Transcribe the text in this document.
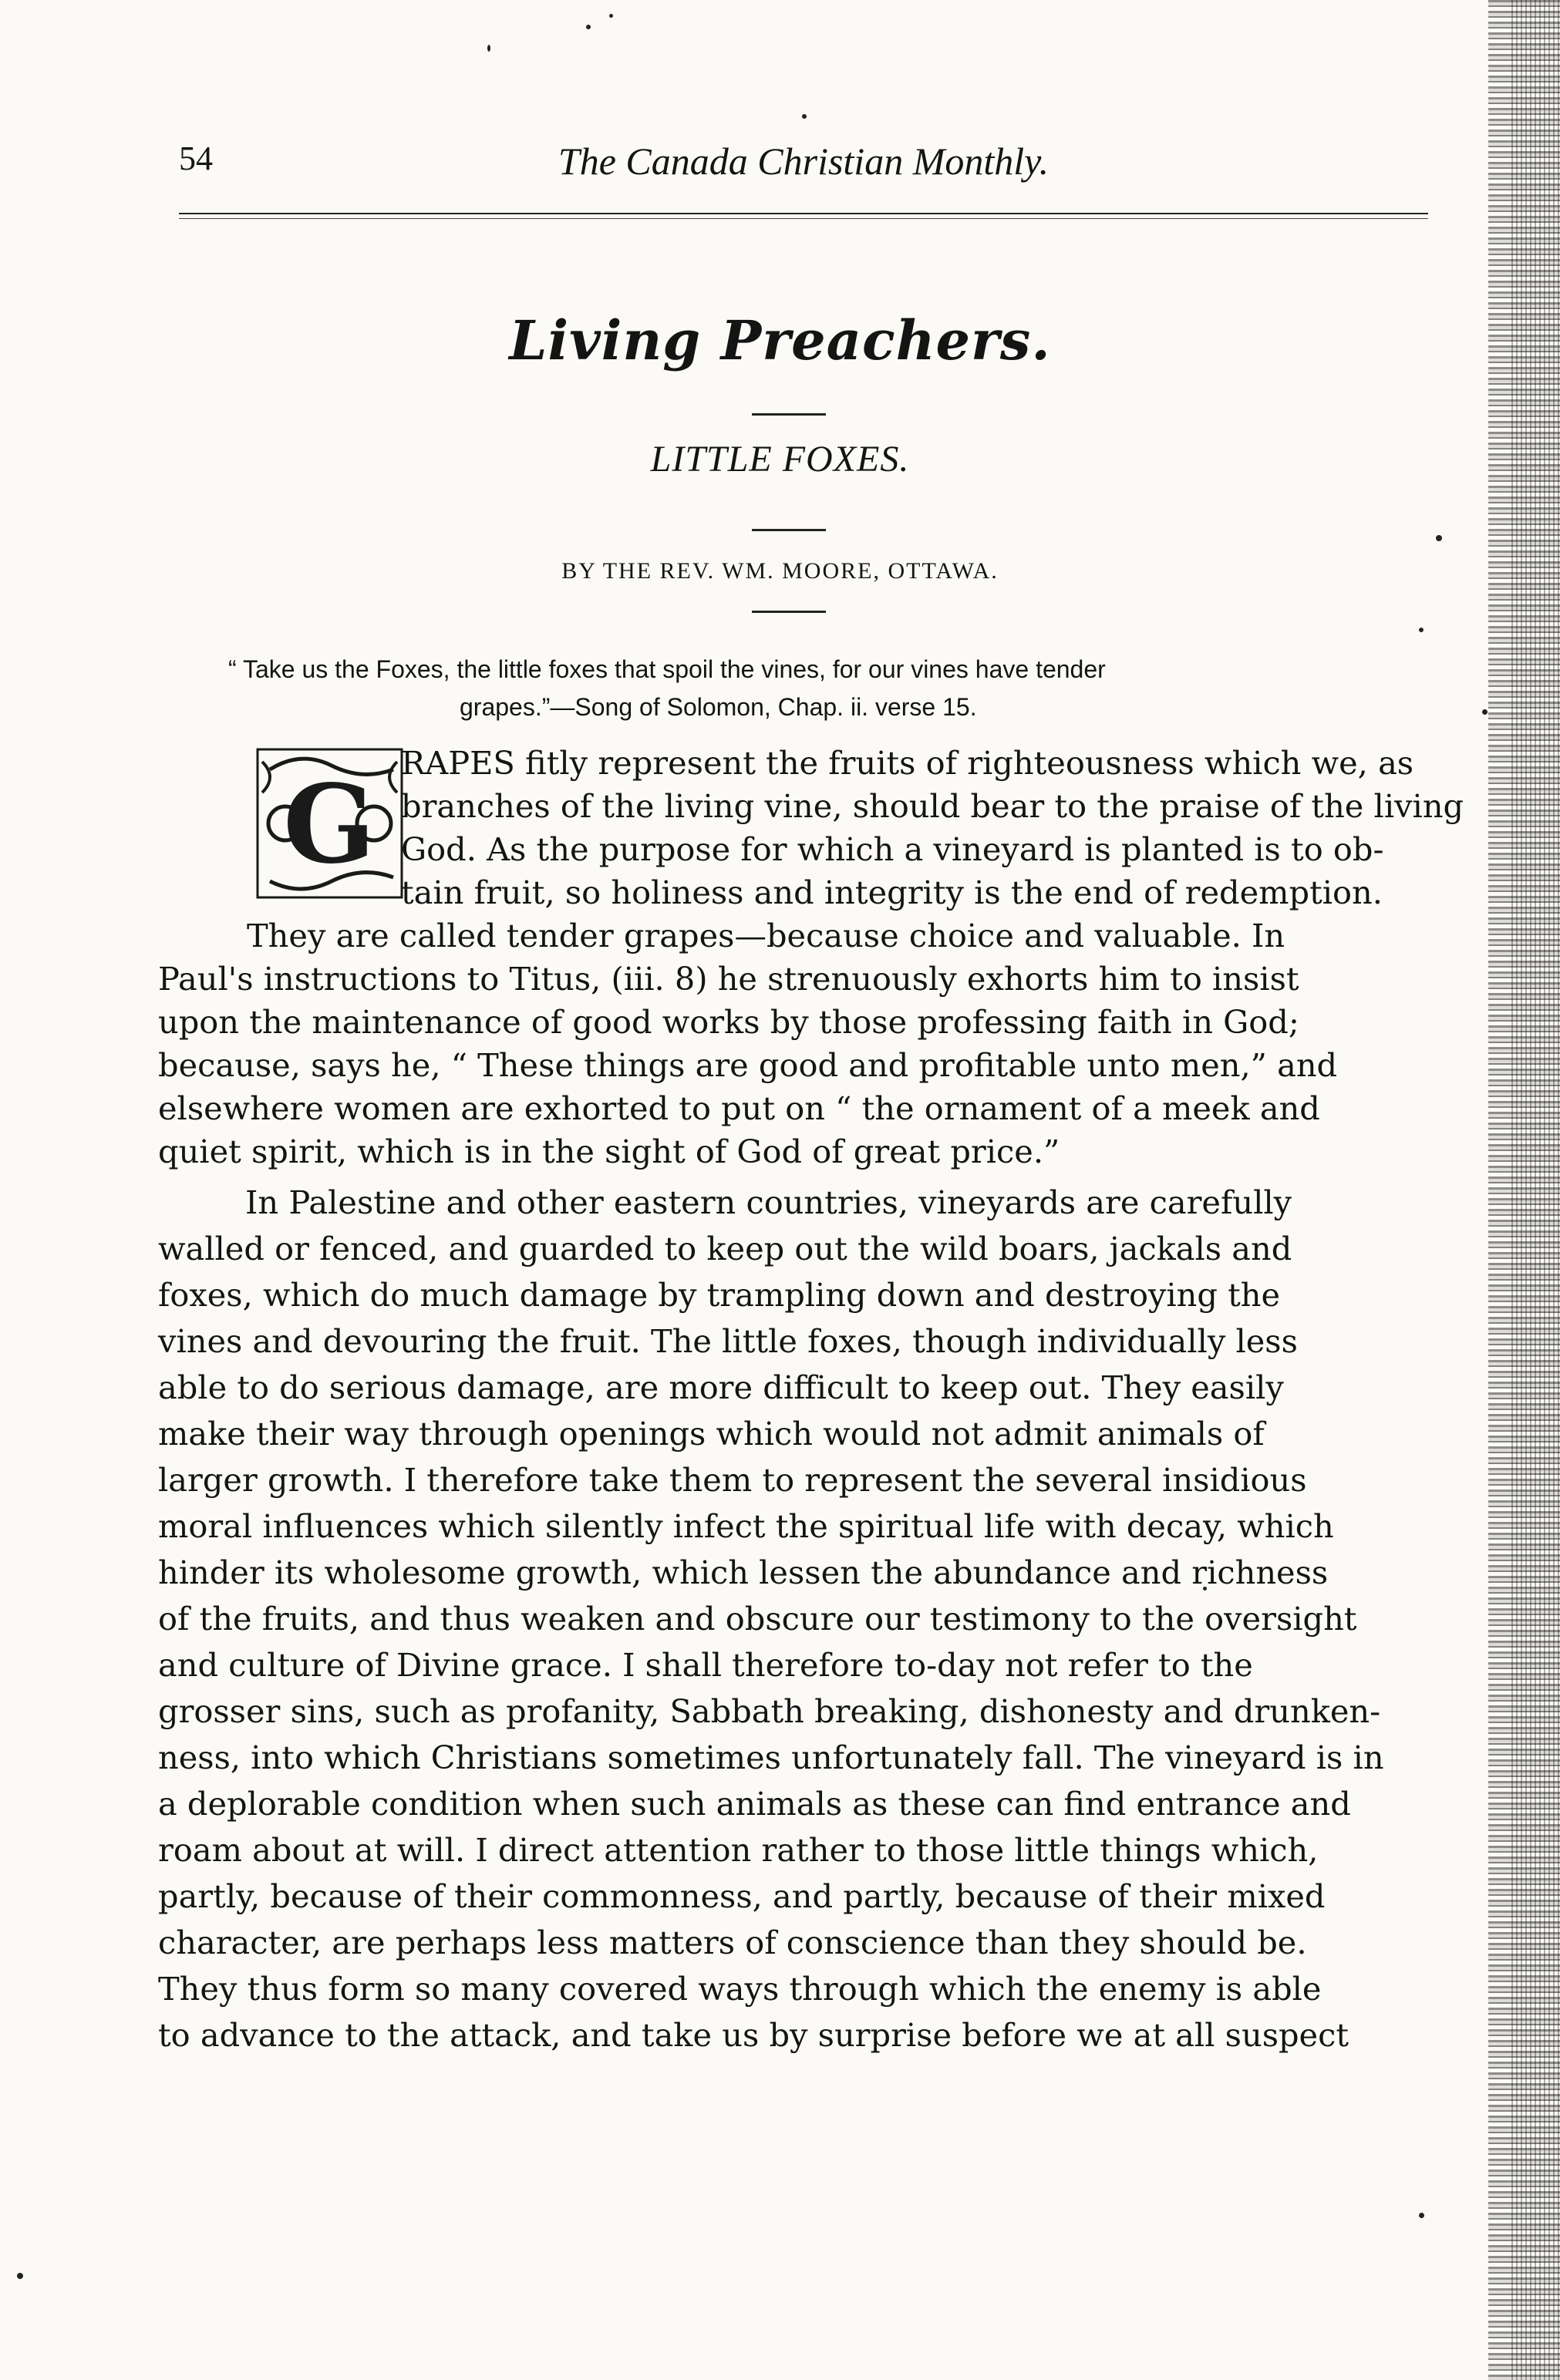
54	The Canada Christian Monthly.
Living Preachers.
LITTLE FOXES.
BY THE REV. WM. MOORE, OTTAWA.
“ Take us the Foxes, the little foxes that spoil the vines, for our vines have tender
grapes.”—Song of Solomon, Chap. ii. verse 15.
G RAPES fitly represent the fruits of righteousness which we, as
branches of the living vine, should bear to the praise of the living
God. As the purpose for which a vineyard is planted is to ob-
tain fruit, so holiness and integrity is the end of redemption.
They are called tender grapes—because choice and valuable. In
Paul's instructions to Titus, (iii. 8) he strenuously exhorts him to insist
upon the maintenance of good works by those professing faith in God;
because, says he, “ These things are good and profitable unto men,” and
elsewhere women are exhorted to put on “ the ornament of a meek and
quiet spirit, which is in the sight of God of great price.”
In Palestine and other eastern countries, vineyards are carefully
walled or fenced, and guarded to keep out the wild boars, jackals and
foxes, which do much damage by trampling down and destroying the
vines and devouring the fruit. The little foxes, though individually less
able to do serious damage, are more difficult to keep out. They easily
make their way through openings which would not admit animals of
larger growth. I therefore take them to represent the several insidious
moral influences which silently infect the spiritual life with decay, which
hinder its wholesome growth, which lessen the abundance and richness
of the fruits, and thus weaken and obscure our testimony to the oversight
and culture of Divine grace. I shall therefore to-day not refer to the
grosser sins, such as profanity, Sabbath breaking, dishonesty and drunken-
ness, into which Christians sometimes unfortunately fall. The vineyard is in
a deplorable condition when such animals as these can find entrance and
roam about at will. I direct attention rather to those little things which,
partly, because of their commonness, and partly, because of their mixed
character, are perhaps less matters of conscience than they should be.
They thus form so many covered ways through which the enemy is able
to advance to the attack, and take us by surprise before we at all suspect
